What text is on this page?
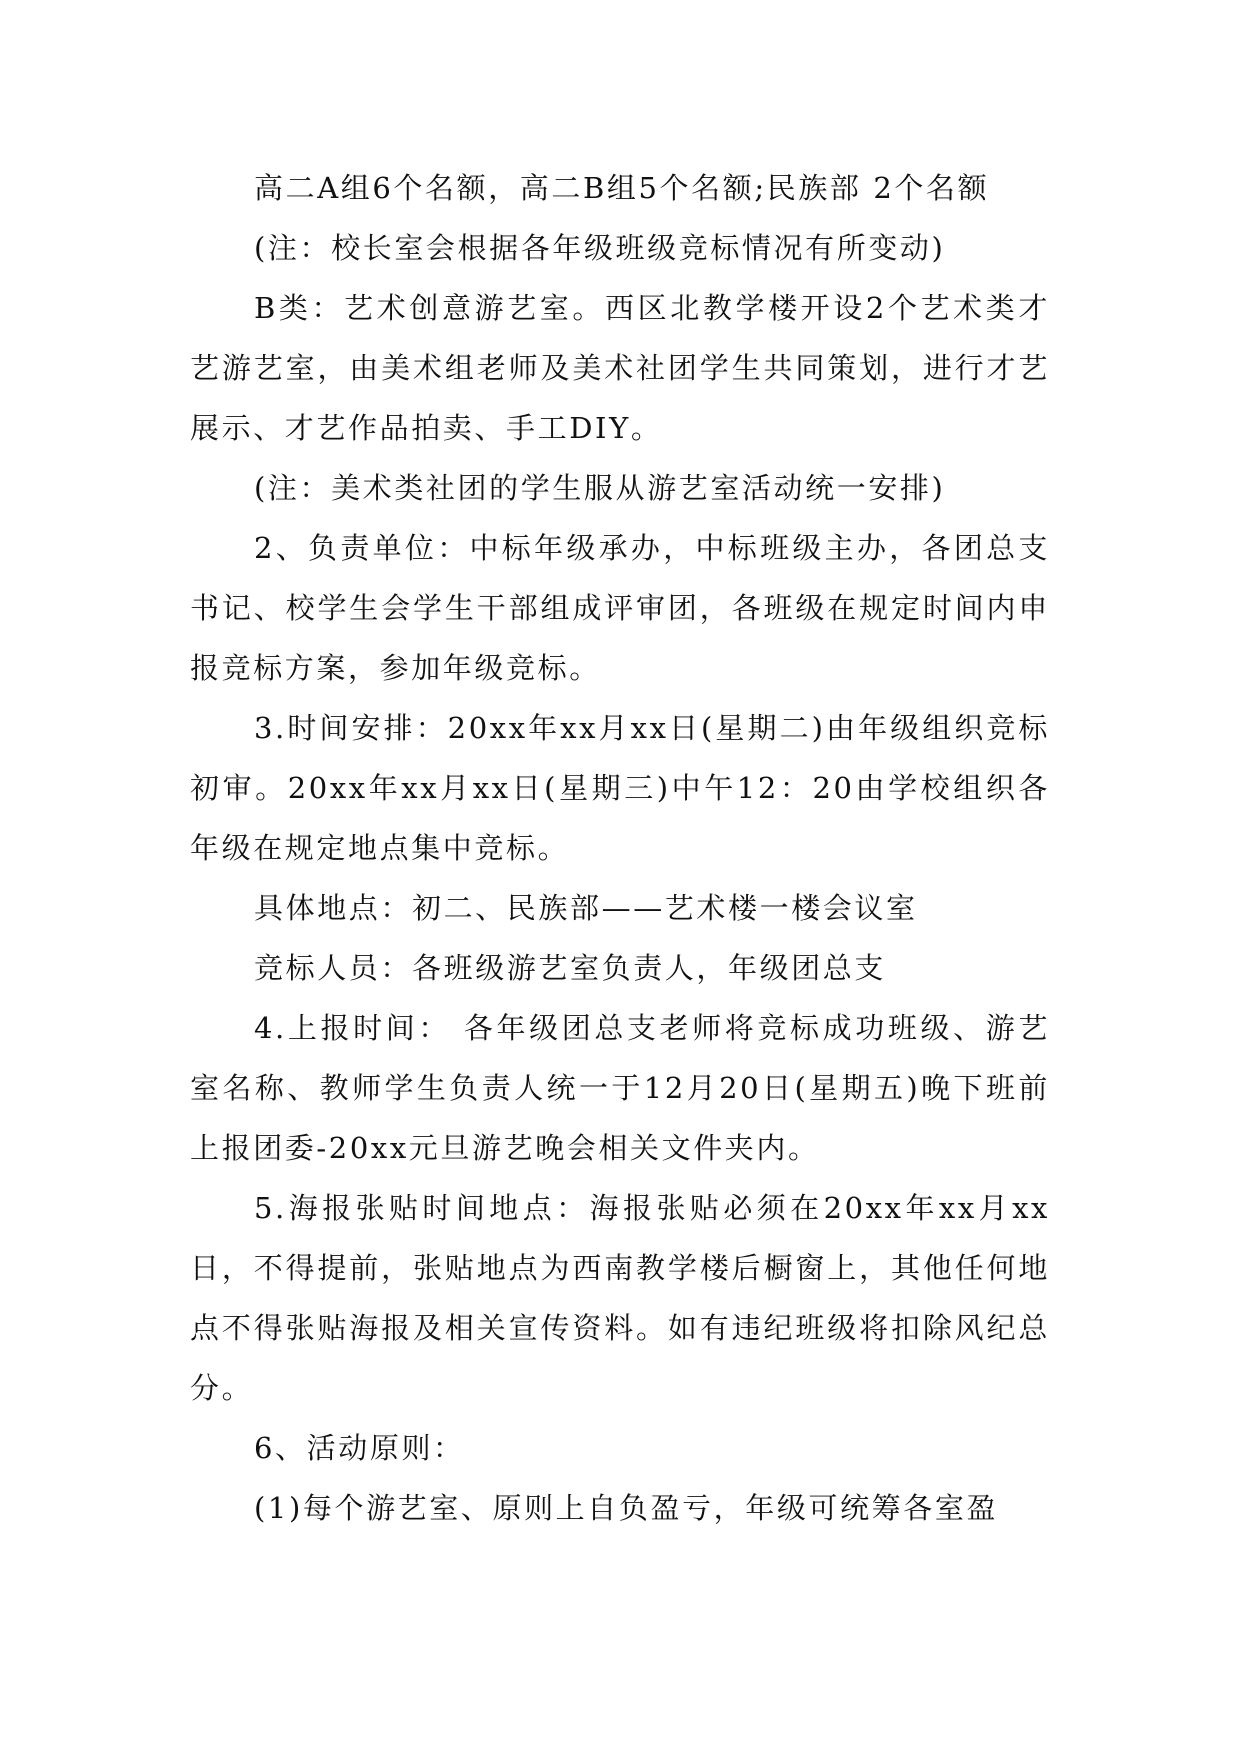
高二A组6个名额，高二B组5个名额;民族部 2个名额

(注：校长室会根据各年级班级竞标情况有所变动)

B类：艺术创意游艺室。西区北教学楼开设2个艺术类才艺游艺室，由美术组老师及美术社团学生共同策划，进行才艺展示、才艺作品拍卖、手工DIY。

(注：美术类社团的学生服从游艺室活动统一安排)

2、负责单位：中标年级承办，中标班级主办，各团总支书记、校学生会学生干部组成评审团，各班级在规定时间内申报竞标方案，参加年级竞标。

3.时间安排：20xx年xx月xx日(星期二)由年级组织竞标初审。20xx年xx月xx日(星期三)中午12：20由学校组织各年级在规定地点集中竞标。

具体地点：初二、民族部——艺术楼一楼会议室

竞标人员：各班级游艺室负责人，年级团总支

4.上报时间： 各年级团总支老师将竞标成功班级、游艺室名称、教师学生负责人统一于12月20日(星期五)晚下班前上报团委-20xx元旦游艺晚会相关文件夹内。

5.海报张贴时间地点：海报张贴必须在20xx年xx月xx日，不得提前，张贴地点为西南教学楼后橱窗上，其他任何地点不得张贴海报及相关宣传资料。如有违纪班级将扣除风纪总分。

6、活动原则：

(1)每个游艺室、原则上自负盈亏，年级可统筹各室盈
